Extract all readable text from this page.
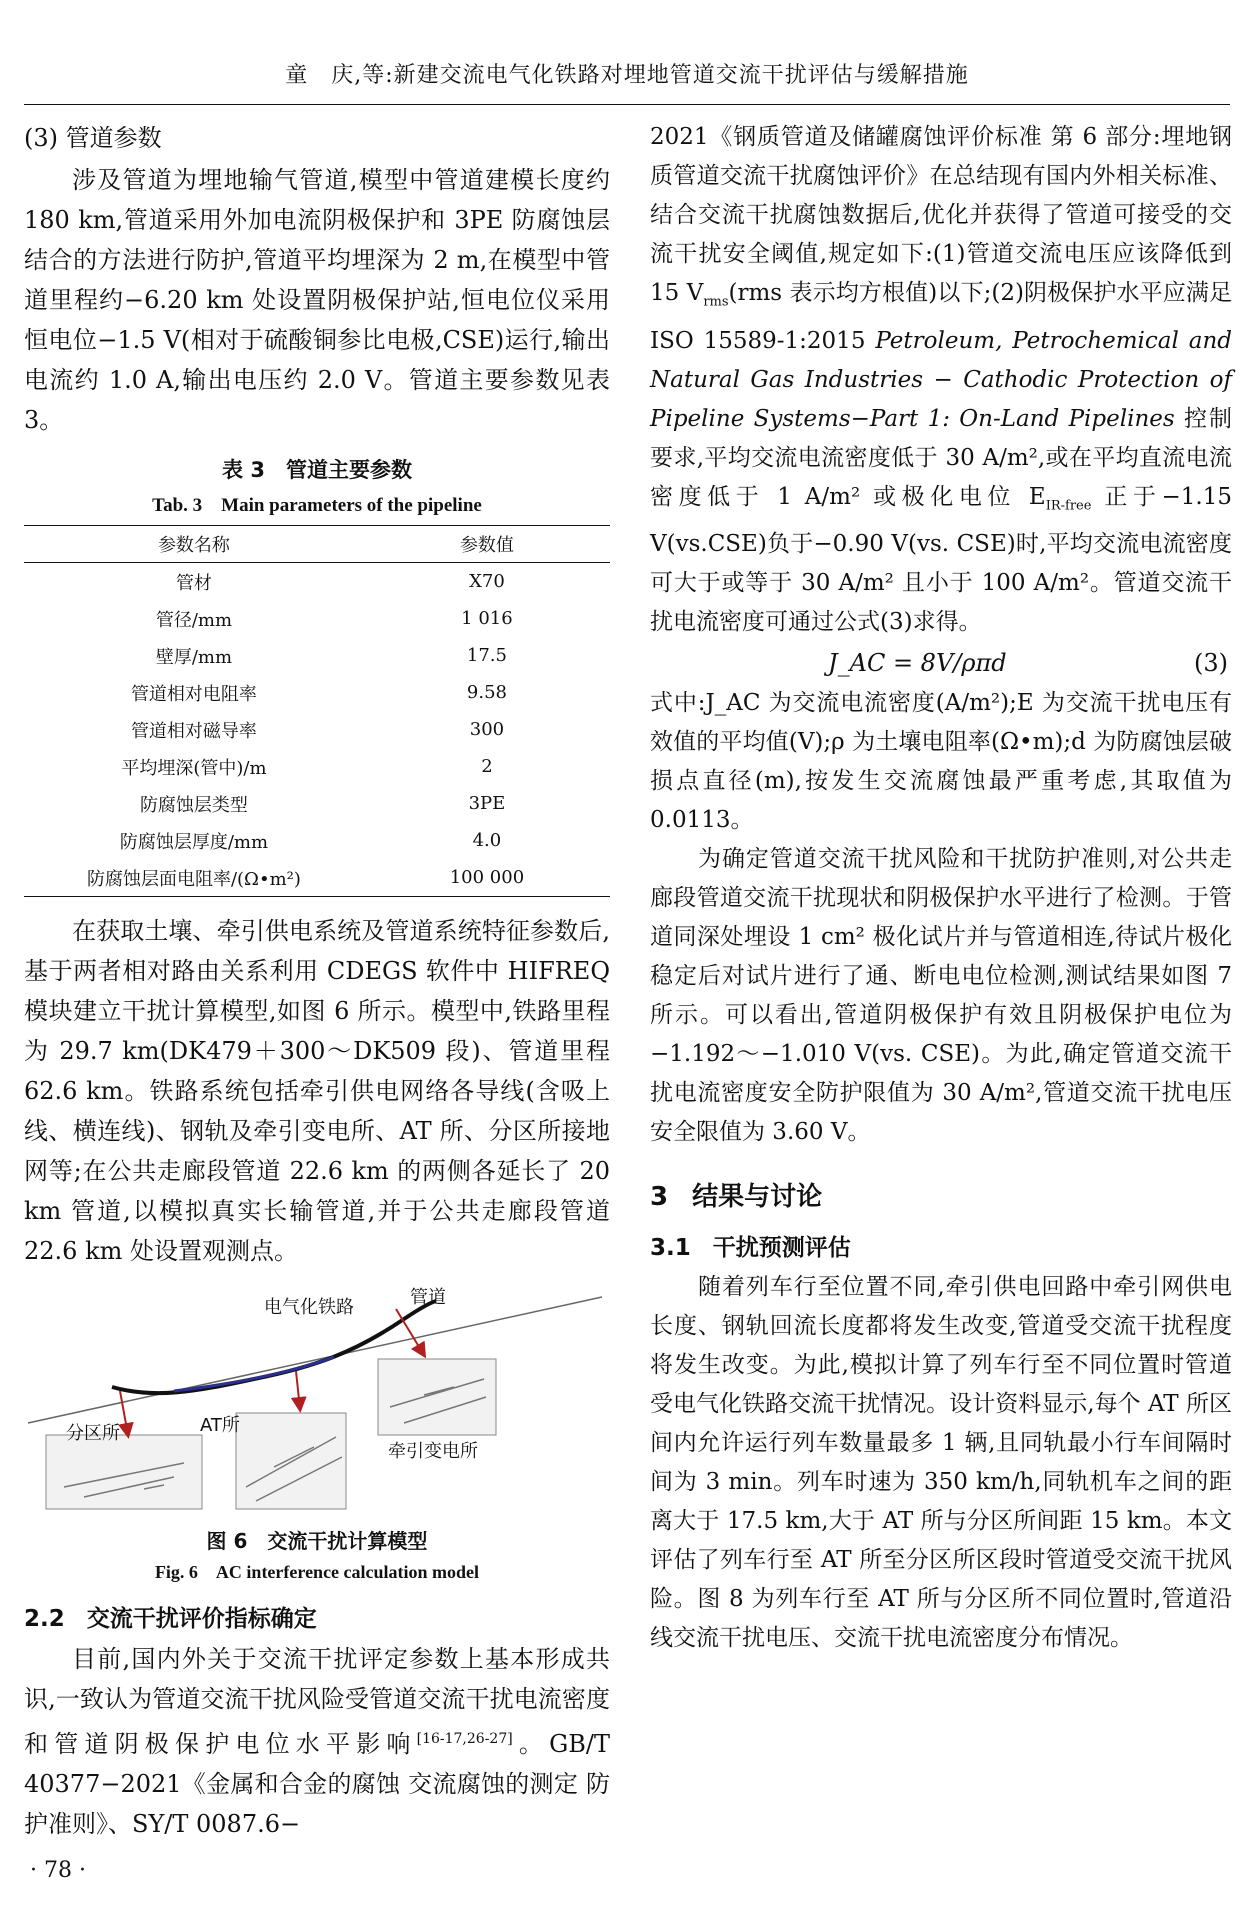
童　庆,等:新建交流电气化铁路对埋地管道交流干扰评估与缓解措施
(3) 管道参数

涉及管道为埋地输气管道,模型中管道建模长度约 180 km,管道采用外加电流阴极保护和 3PE 防腐蚀层结合的方法进行防护,管道平均埋深为 2 m,在模型中管道里程约−6.20 km 处设置阴极保护站,恒电位仪采用恒电位−1.5 V(相对于硫酸铜参比电极,CSE)运行,输出电流约 1.0 A,输出电压约 2.0 V。管道主要参数见表 3。

表 3　管道主要参数
Tab. 3　Main parameters of the pipeline
参数名称	参数值
管材	X70
管径/mm	1 016
壁厚/mm	17.5
管道相对电阻率	9.58
管道相对磁导率	300
平均埋深(管中)/m	2
防腐蚀层类型	3PE
防腐蚀层厚度/mm	4.0
防腐蚀层面电阻率/(Ω•m²)	100 000

在获取土壤、牵引供电系统及管道系统特征参数后,基于两者相对路由关系利用 CDEGS 软件中 HIFREQ 模块建立干扰计算模型,如图 6 所示。模型中,铁路里程为 29.7 km(DK479＋300～DK509 段)、管道里程 62.6 km。铁路系统包括牵引供电网络各导线(含吸上线、横连线)、钢轨及牵引变电所、AT 所、分区所接地网等;在公共走廊段管道 22.6 km 的两侧各延长了 20 km 管道,以模拟真实长输管道,并于公共走廊段管道 22.6 km 处设置观测点。

电气化铁路	管道
AT所
分区所
牵引变电所
图 6　交流干扰计算模型
Fig. 6　AC interference calculation model
2.2 交流干扰评价指标确定

目前,国内外关于交流干扰评定参数上基本形成共识,一致认为管道交流干扰风险受管道交流干扰电流密度和管道阴极保护电位水平影响[16-17,26-27]。GB/T 40377−2021《金属和合金的腐蚀 交流腐蚀的测定 防护准则》、SY/T 0087.6−

2021《钢质管道及储罐腐蚀评价标准 第 6 部分:埋地钢质管道交流干扰腐蚀评价》在总结现有国内外相关标准、结合交流干扰腐蚀数据后,优化并获得了管道可接受的交流干扰安全阈值,规定如下:(1)管道交流电压应该降低到 15 $V_{rms}(rms$ 表示均方根值)以下;(2)阴极保护水平应满足 ISO 15589-1:2015 Petroleum, Petrochemical and Natural Gas Industries − Cathodic Protection of Pipeline Systems−Part 1: On-Land Pipelines 控制要求,平均交流电流密度低于 30 A/m²,或在平均直流电流密度低于 1 A/m² 或极化电位 $E_{IR-free}$ 正于−1.15 V(vs.CSE)负于−0.90 V(vs. CSE)时,平均交流电流密度可大于或等于 30 A/m² 且小于 100 A/m²。管道交流干扰电流密度可通过公式(3)求得。

J_AC = 8V/ρπd	(3)

式中:J_AC 为交流电流密度(A/m²);E 为交流干扰电压有效值的平均值(V);ρ 为土壤电阻率(Ω•m);d 为防腐蚀层破损点直径(m),按发生交流腐蚀最严重考虑,其取值为 0.0113。

为确定管道交流干扰风险和干扰防护准则,对公共走廊段管道交流干扰现状和阴极保护水平进行了检测。于管道同深处埋设 1 cm² 极化试片并与管道相连,待试片极化稳定后对试片进行了通、断电电位检测,测试结果如图 7 所示。可以看出,管道阴极保护有效且阴极保护电位为−1.192～−1.010 V(vs. CSE)。为此,确定管道交流干扰电流密度安全防护限值为 30 A/m²,管道交流干扰电压安全限值为 3.60 V。

3 结果与讨论
3.1 干扰预测评估

随着列车行至位置不同,牵引供电回路中牵引网供电长度、钢轨回流长度都将发生改变,管道受交流干扰程度将发生改变。为此,模拟计算了列车行至不同位置时管道受电气化铁路交流干扰情况。设计资料显示,每个 AT 所区间内允许运行列车数量最多 1 辆,且同轨最小行车间隔时间为 3 min。列车时速为 350 km/h,同轨机车之间的距离大于 17.5 km,大于 AT 所与分区所间距 15 km。本文评估了列车行至 AT 所至分区所区段时管道受交流干扰风险。图 8 为列车行至 AT 所与分区所不同位置时,管道沿线交流干扰电压、交流干扰电流密度分布情况。

· 78 ·
